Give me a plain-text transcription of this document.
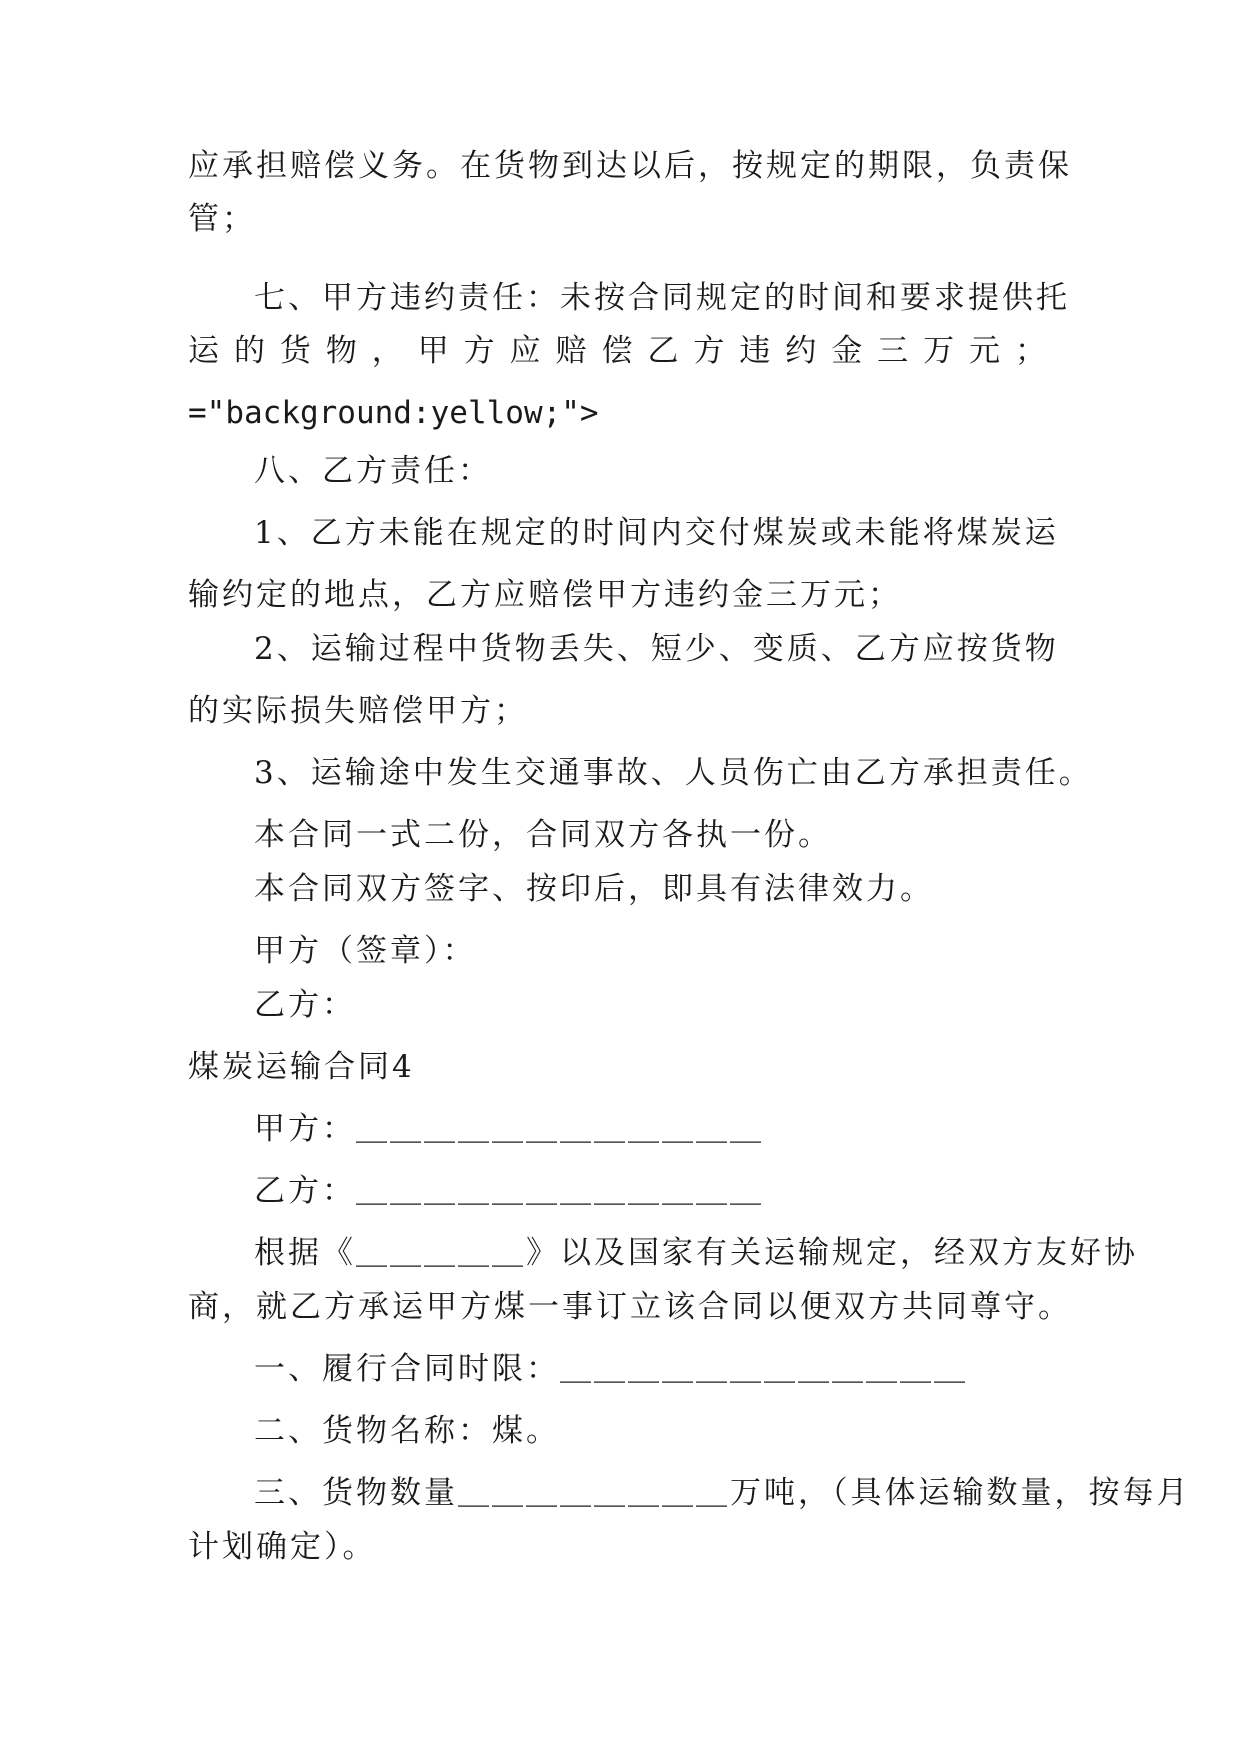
应承担赔偿义务。在货物到达以后，按规定的期限，负责保
管；
七、甲方违约责任：未按合同规定的时间和要求提供托
运 的 货 物 ， 甲 方 应 赔 偿 乙 方 违 约 金 三 万 元 ；
="background:yellow;">
八、乙方责任：
1、乙方未能在规定的时间内交付煤炭或未能将煤炭运
输约定的地点，乙方应赔偿甲方违约金三万元；
2、运输过程中货物丢失、短少、变质、乙方应按货物
的实际损失赔偿甲方；
3、运输途中发生交通事故、人员伤亡由乙方承担责任。
本合同一式二份，合同双方各执一份。
本合同双方签字、按印后，即具有法律效力。
甲方（签章）：
乙方：
煤炭运输合同4
甲方：＿＿＿＿＿＿＿＿＿＿＿＿
乙方：＿＿＿＿＿＿＿＿＿＿＿＿
根据《＿＿＿＿＿》以及国家有关运输规定，经双方友好协
商，就乙方承运甲方煤一事订立该合同以便双方共同尊守。
一、履行合同时限：＿＿＿＿＿＿＿＿＿＿＿＿
二、货物名称：煤。
三、货物数量＿＿＿＿＿＿＿＿万吨，（具体运输数量，按每月
计划确定）。
